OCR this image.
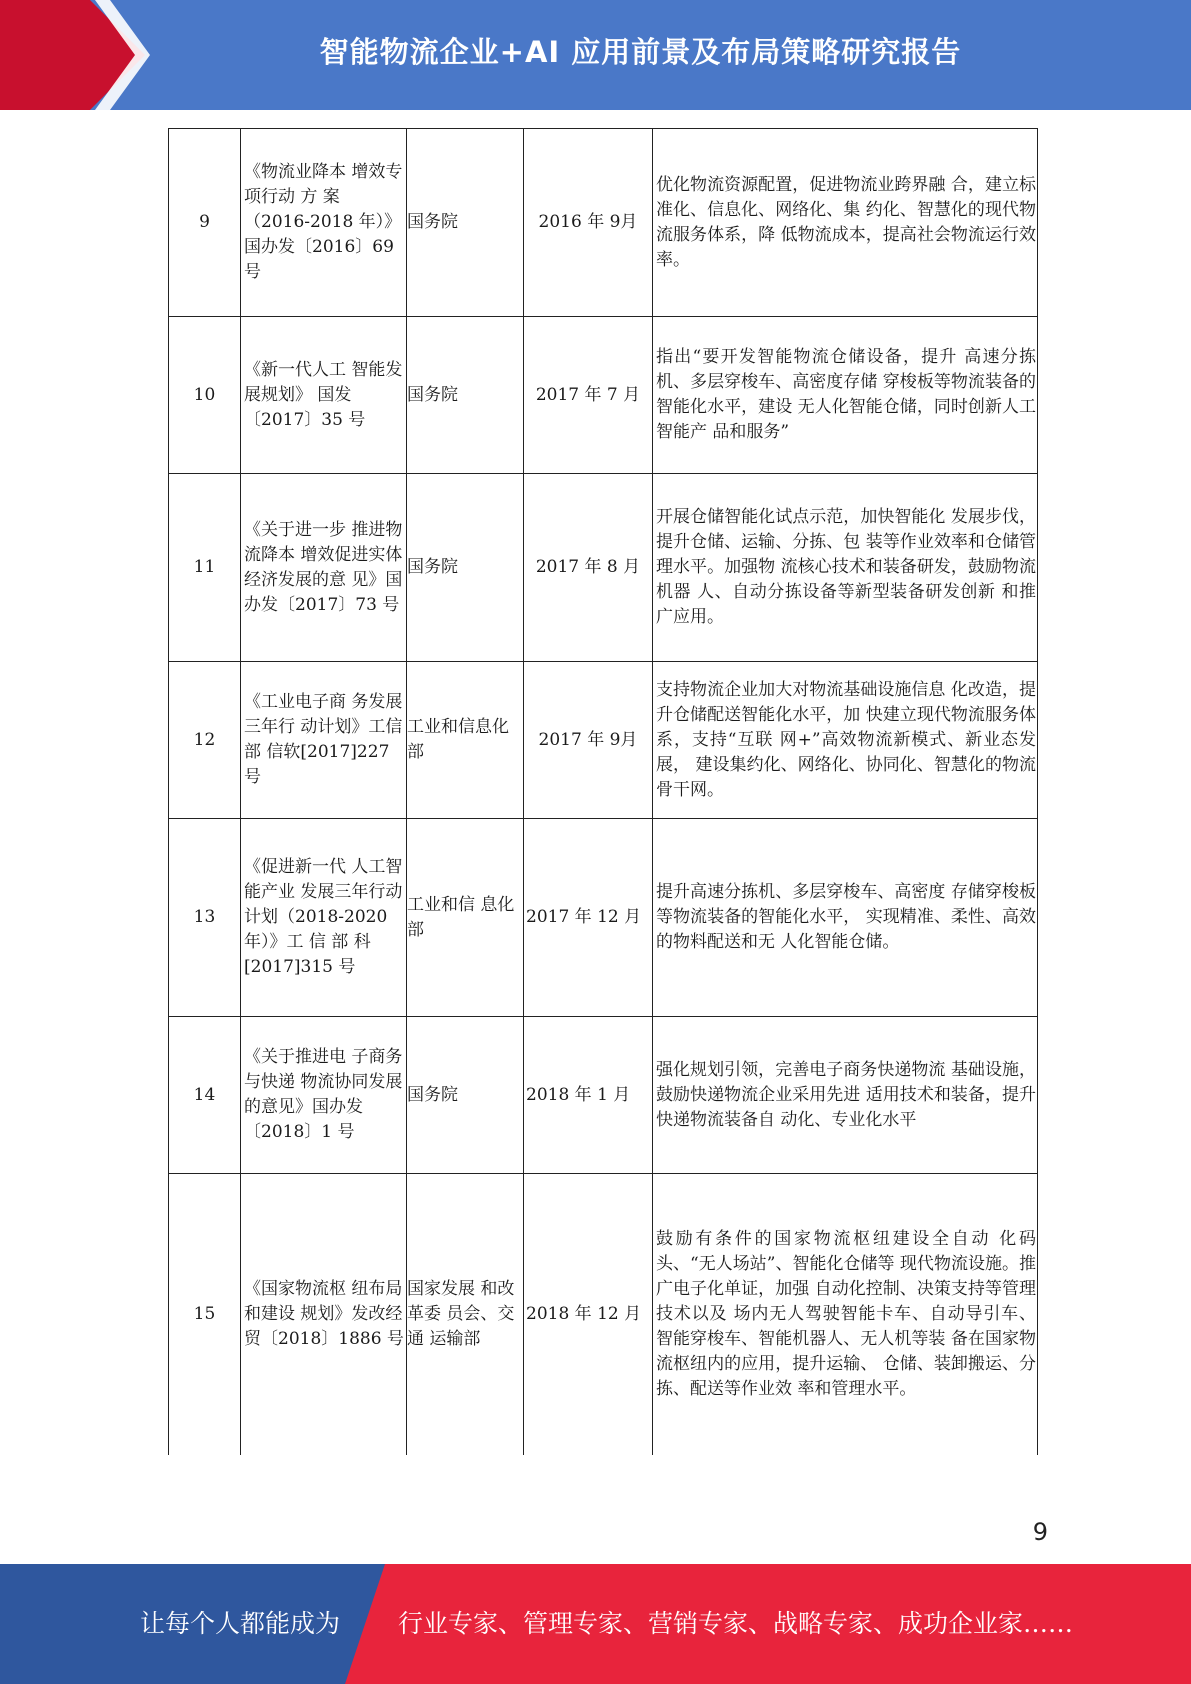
智能物流企业+AI 应用前景及布局策略研究报告
9	《物流业降本 增效专项行动 方 案（2016-2018 年）》国办发〔2016〕69 号	国务院	2016 年 9月	优化物流资源配置，促进物流业跨界融 合，建立标准化、信息化、网络化、集 约化、智慧化的现代物流服务体系，降 低物流成本，提高社会物流运行效率。
10	《新一代人工 智能发展规划》 国发〔2017〕35 号	国务院	2017 年 7 月	指出“要开发智能物流仓储设备，提升 高速分拣机、多层穿梭车、高密度存储 穿梭板等物流装备的智能化水平，建设 无人化智能仓储，同时创新人工智能产 品和服务”
11	《关于进一步 推进物流降本 增效促进实体 经济发展的意 见》国办发〔2017〕73 号	国务院	2017 年 8 月	开展仓储智能化试点示范，加快智能化 发展步伐，提升仓储、运输、分拣、包 装等作业效率和仓储管理水平。加强物 流核心技术和装备研发，鼓励物流机器 人、自动分拣设备等新型装备研发创新 和推广应用。
12	《工业电子商 务发展三年行 动计划》工信部 信软[2017]227 号	工业和信息化部	2017 年 9月	支持物流企业加大对物流基础设施信息 化改造，提升仓储配送智能化水平，加 快建立现代物流服务体系，支持“互联 网+”高效物流新模式、新业态发展， 建设集约化、网络化、协同化、智慧化的物流骨干网。
13	《促进新一代 人工智能产业 发展三年行动 计划（2018-2020 年）》工 信 部 科 [2017]315 号	工业和信 息化部	2017 年 12 月	提升高速分拣机、多层穿梭车、高密度 存储穿梭板等物流装备的智能化水平， 实现精准、柔性、高效的物料配送和无 人化智能仓储。
14	《关于推进电 子商务与快递 物流协同发展 的意见》国办发〔2018〕1 号	国务院	2018 年 1 月	强化规划引领，完善电子商务快递物流 基础设施，鼓励快递物流企业采用先进 适用技术和装备，提升快递物流装备自 动化、专业化水平
15	《国家物流枢 纽布局和建设 规划》发改经贸〔2018〕1886 号	国家发展 和改革委 员会、交通 运输部	2018 年 12 月	鼓励有条件的国家物流枢纽建设全自动 化码头、“无人场站”、智能化仓储等 现代物流设施。推广电子化单证，加强 自动化控制、决策支持等管理技术以及 场内无人驾驶智能卡车、自动导引车、 智能穿梭车、智能机器人、无人机等装 备在国家物流枢纽内的应用，提升运输、 仓储、装卸搬运、分拣、配送等作业效 率和管理水平。
9
让每个人都能成为 行业专家、管理专家、营销专家、战略专家、成功企业家……
